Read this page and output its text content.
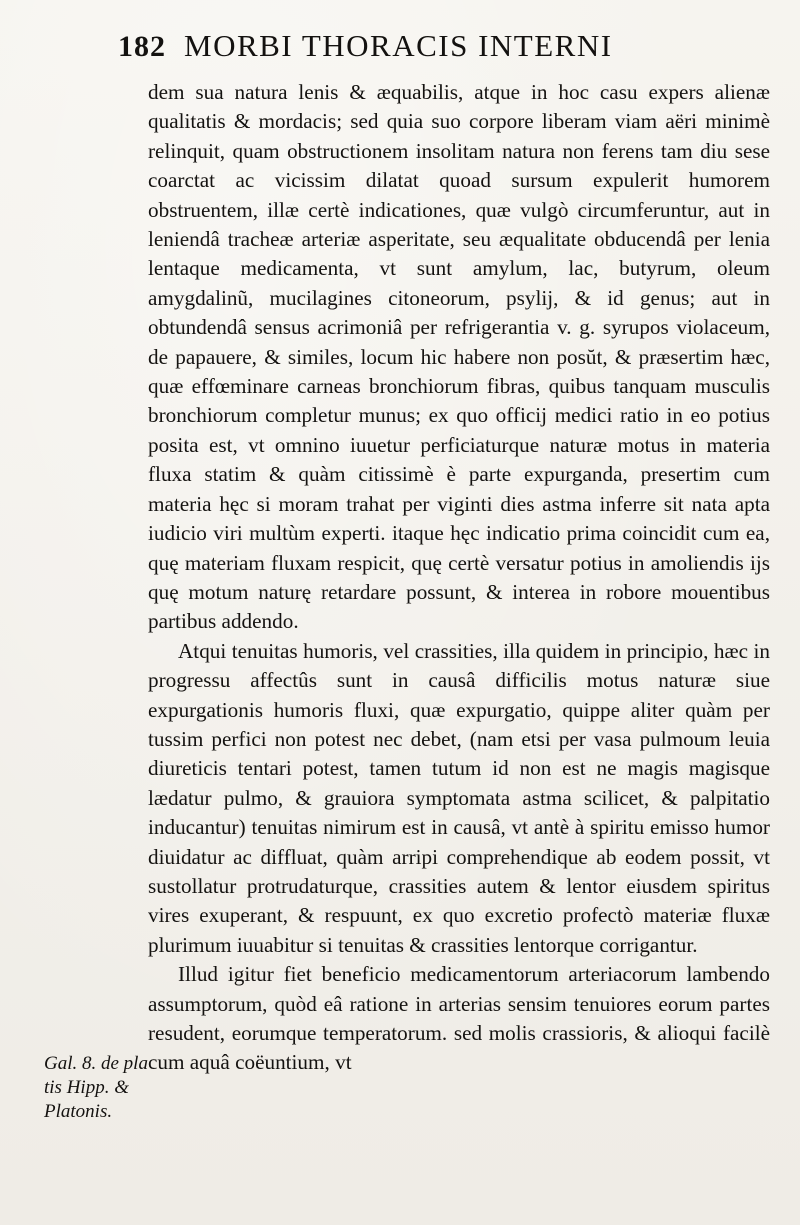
182 MORBI THORACIS INTERNI

dem sua natura lenis & æquabilis, atque in hoc casu expers alienæ qualitatis & mordacis; sed quia suo corpore liberam viam aëri minimè relinquit, quam obstructionem insolitam natura non ferens tam diu sese coarctat ac vicissim dilatat quoad sursum expulerit humorem obstruentem, illæ certè indicationes, quæ vulgò circumferuntur, aut in leniendâ tracheæ arteriæ asperitate, seu æqualitate obducendâ per lenia lentaque medicamenta, vt sunt amylum, lac, butyrum, oleum amygdalinũ, mucilagines citoneorum, psylij, & id genus; aut in obtundendâ sensus acrimoniâ per refrigerantia v. g. syrupos violaceum, de papauere, & similes, locum hic habere non posŭt, & præsertim hæc, quæ effœminare carneas bronchiorum fibras, quibus tanquam musculis bronchiorum completur munus; ex quo officij medici ratio in eo potius posita est, vt omnino iuuetur perficiaturque naturæ motus in materia fluxa statim & quàm citissimè è parte expurganda, presertim cum materia hęc si moram trahat per viginti dies astma inferre sit nata apta iudicio viri multùm experti. itaque hęc indicatio prima coincidit cum ea, quę materiam fluxam respicit, quę certè versatur potius in amoliendis ijs quę motum naturę retardare possunt, & interea in roborе mouentibus partibus addendo.

Atqui tenuitas humoris, vel crassities, illa quidem in principio, hæc in progressu affectûs sunt in causâ difficilis motus naturæ siue expurgationis humoris fluxi, quæ expurgatio, quippe aliter quàm per tussim perfici non potest nec debet, (nam etsi per vasa pulmoum leuia diureticis tentari potest, tamen tutum id non est ne magis magisque lædatur pulmo, & grauiora symptomata astma scilicet, & palpitatio inducantur) tenuitas nimirum est in causâ, vt antè à spiritu emisso humor diuidatur ac diffluat, quàm arripi comprehendique ab eodem possit, vt sustollatur protrudaturque, crassities autem & lentor eiusdem spiritus vires exuperant, & respuunt, ex quo excretio profectò materiæ fluxæ plurimum iuuabitur si tenuitas & crassities lentorque corrigantur.

Illud igitur fiet beneficio medicamentorum arteriacorum lambendo assumptorum, quòd eâ ratione in arterias sensim tenuiores eorum partes resudent, eorumque temperatorum. sed molis crassioris, & alioqui facilè cum aquâ coëuntium, vt

Gal. 8. de pla
tis Hipp. &
Platonis.
